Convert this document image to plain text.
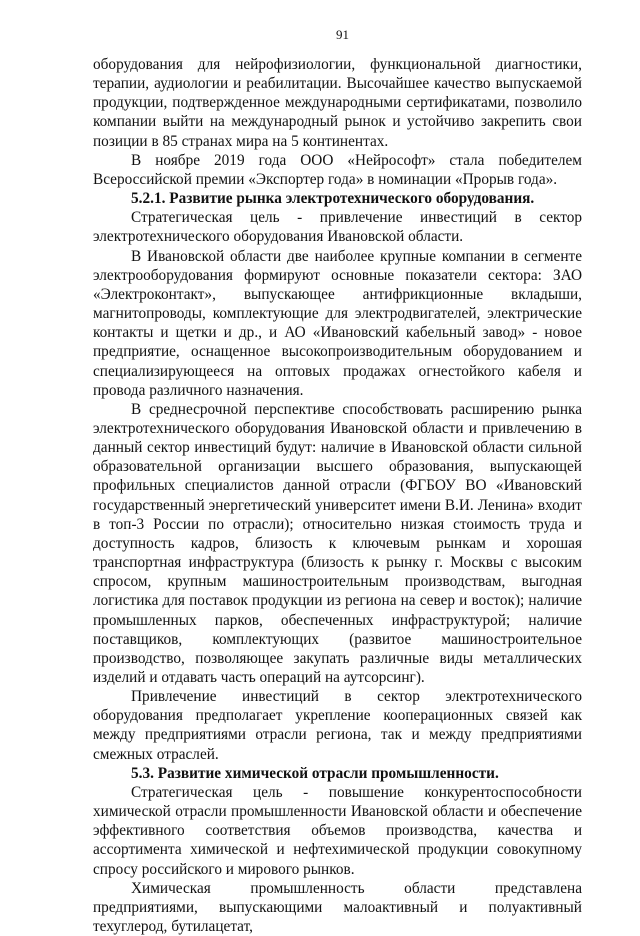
91

оборудования для нейрофизиологии, функциональной диагностики, терапии, аудиологии и реабилитации. Высочайшее качество выпускаемой продукции, подтвержденное международными сертификатами, позволило компании выйти на международный рынок и устойчиво закрепить свои позиции в 85 странах мира на 5 континентах.

В ноябре 2019 года ООО «Нейрософт» стала победителем Всероссийской премии «Экспортер года» в номинации «Прорыв года».

5.2.1. Развитие рынка электротехнического оборудования.

Стратегическая цель - привлечение инвестиций в сектор электротехнического оборудования Ивановской области.

В Ивановской области две наиболее крупные компании в сегменте электрооборудования формируют основные показатели сектора: ЗАО «Электроконтакт», выпускающее антифрикционные вкладыши, магнитопроводы, комплектующие для электродвигателей, электрические контакты и щетки и др., и АО «Ивановский кабельный завод» - новое предприятие, оснащенное высокопроизводительным оборудованием и специализирующееся на оптовых продажах огнестойкого кабеля и провода различного назначения.

В среднесрочной перспективе способствовать расширению рынка электротехнического оборудования Ивановской области и привлечению в данный сектор инвестиций будут: наличие в Ивановской области сильной образовательной организации высшего образования, выпускающей профильных специалистов данной отрасли (ФГБОУ ВО «Ивановский государственный энергетический университет имени В.И. Ленина» входит в топ-3 России по отрасли); относительно низкая стоимость труда и доступность кадров, близость к ключевым рынкам и хорошая транспортная инфраструктура (близость к рынку г. Москвы с высоким спросом, крупным машиностроительным производствам, выгодная логистика для поставок продукции из региона на север и восток); наличие промышленных парков, обеспеченных инфраструктурой; наличие поставщиков, комплектующих (развитое машиностроительное производство, позволяющее закупать различные виды металлических изделий и отдавать часть операций на аутсорсинг).

Привлечение инвестиций в сектор электротехнического оборудования предполагает укрепление кооперационных связей как между предприятиями отрасли региона, так и между предприятиями смежных отраслей.

5.3. Развитие химической отрасли промышленности.

Стратегическая цель - повышение конкурентоспособности химической отрасли промышленности Ивановской области и обеспечение эффективного соответствия объемов производства, качества и ассортимента химической и нефтехимической продукции совокупному спросу российского и мирового рынков.

Химическая промышленность области представлена предприятиями, выпускающими малоактивный и полуактивный техуглерод, бутилацетат,
